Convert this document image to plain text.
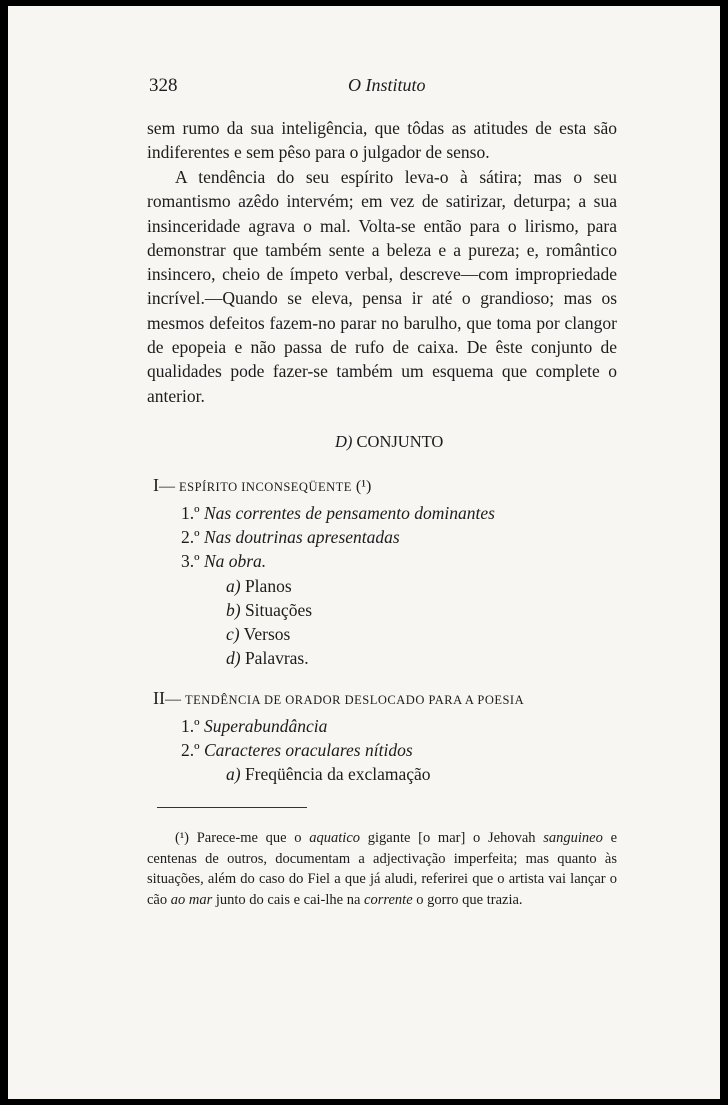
328	O Instituto

sem rumo da sua inteligência, que tôdas as atitudes de esta são indiferentes e sem pêso para o julgador de senso.

A tendência do seu espírito leva-o à sátira; mas o seu romantismo azêdo intervém; em vez de satirizar, deturpa; a sua insinceridade agrava o mal. Volta-se então para o lirismo, para demonstrar que também sente a beleza e a pureza; e, romântico insincero, cheio de ímpeto verbal, descreve—com impropriedade incrível.—Quando se eleva, pensa ir até o grandioso; mas os mesmos defeitos fazem-no parar no barulho, que toma por clangor de epopeia e não passa de rufo de caixa. De êste conjunto de qualidades pode fazer-se também um esquema que complete o anterior.

D) CONJUNTO
I— ESPÍRITO INCONSEQÜENTE (¹)
1.º Nas correntes de pensamento dominantes
2.º Nas doutrinas apresentadas
3.º Na obra.
a) Planos
b) Situações
c) Versos
d) Palavras.
II— TENDÊNCIA DE ORADOR DESLOCADO PARA A POESIA
1.º Superabundância
2.º Caracteres oraculares nítidos
a) Freqüência da exclamação

(¹) Parece-me que o aquatico gigante [o mar] o Jehovah sanguineo e centenas de outros, documentam a adjectivação imperfeita; mas quanto às situações, além do caso do Fiel a que já aludi, referirei que o artista vai lançar o cão ao mar junto do cais e cai-lhe na corrente o gorro que trazia.
